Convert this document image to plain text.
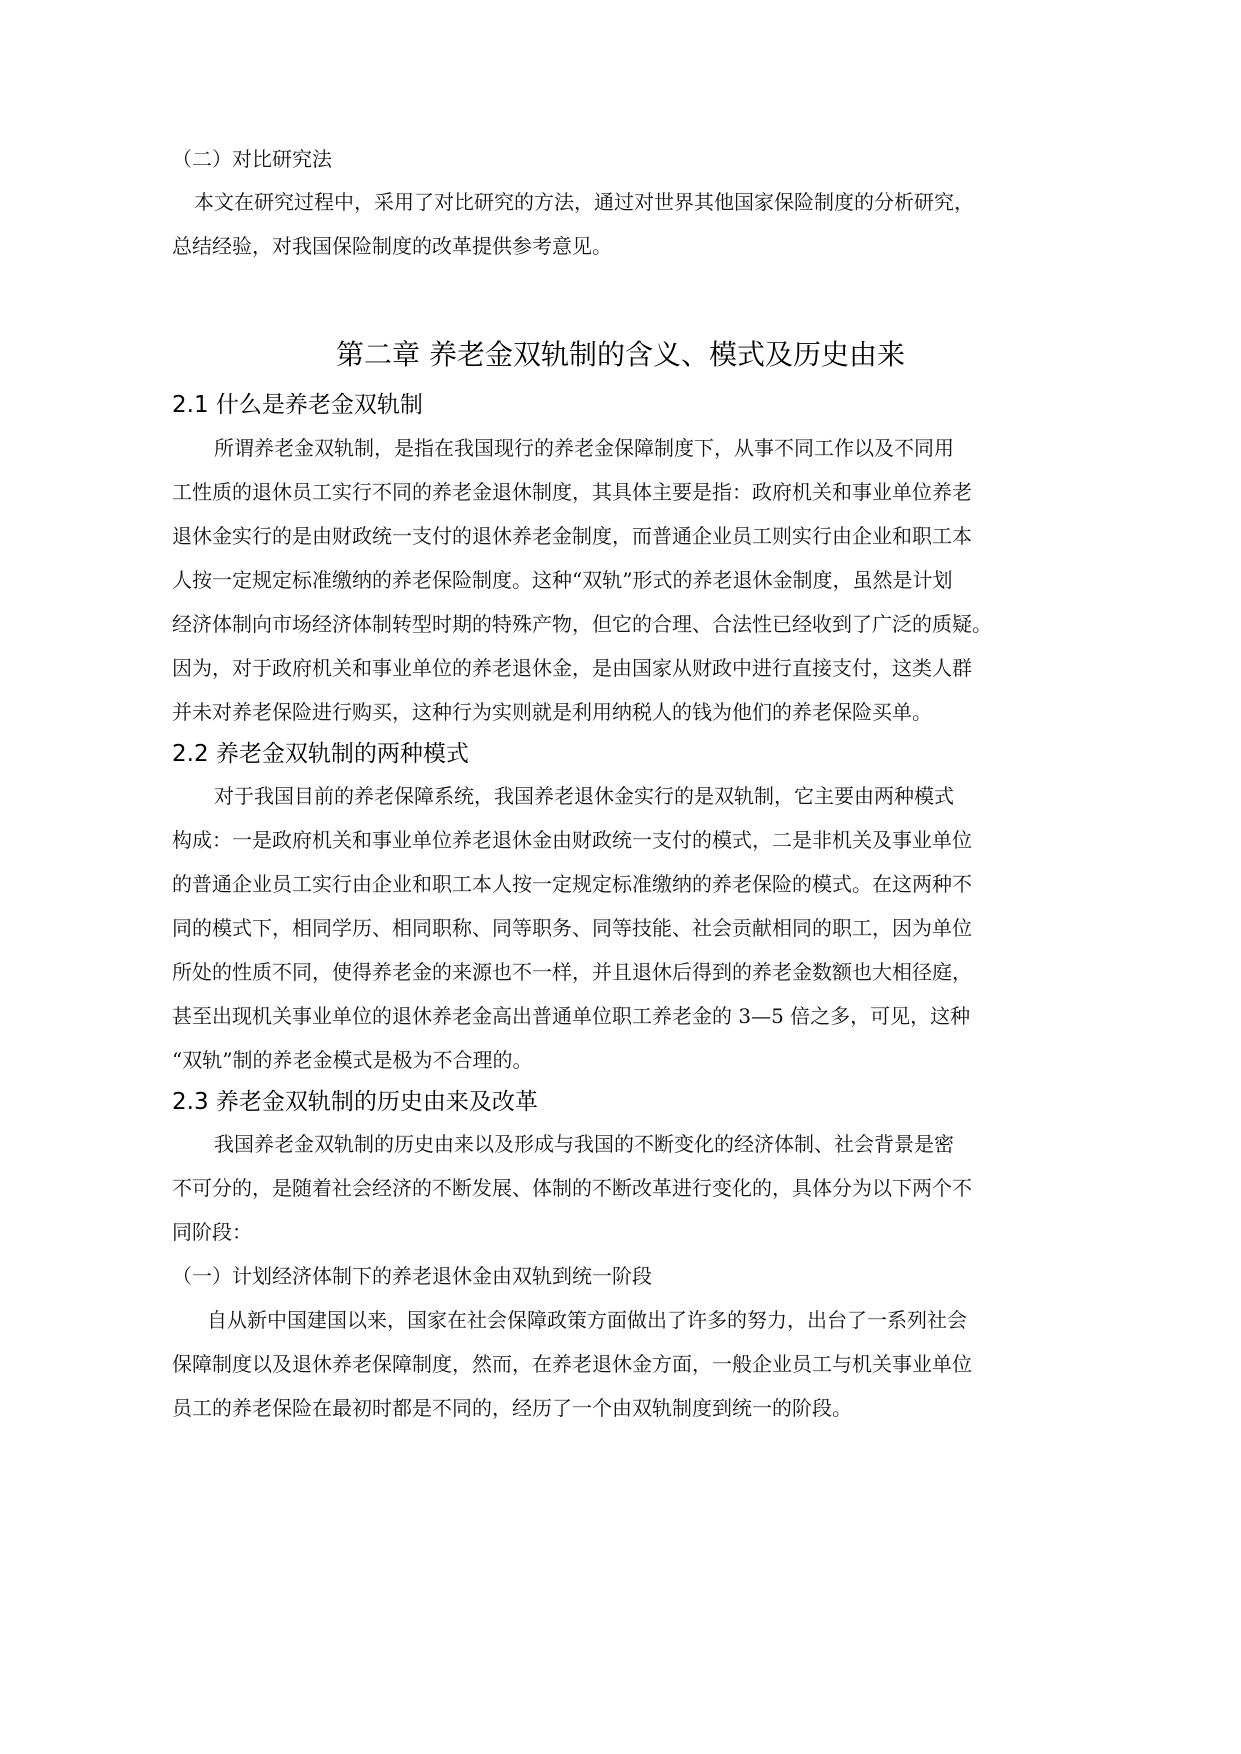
（二）对比研究法
本文在研究过程中，采用了对比研究的方法，通过对世界其他国家保险制度的分析研究，
总结经验，对我国保险制度的改革提供参考意见。
第二章 养老金双轨制的含义、模式及历史由来
2.1 什么是养老金双轨制
所谓养老金双轨制，是指在我国现行的养老金保障制度下，从事不同工作以及不同用
工性质的退休员工实行不同的养老金退休制度，其具体主要是指：政府机关和事业单位养老
退休金实行的是由财政统一支付的退休养老金制度，而普通企业员工则实行由企业和职工本
人按一定规定标准缴纳的养老保险制度。这种“双轨”形式的养老退休金制度，虽然是计划
经济体制向市场经济体制转型时期的特殊产物，但它的合理、合法性已经收到了广泛的质疑。
因为，对于政府机关和事业单位的养老退休金，是由国家从财政中进行直接支付，这类人群
并未对养老保险进行购买，这种行为实则就是利用纳税人的钱为他们的养老保险买单。
2.2 养老金双轨制的两种模式
对于我国目前的养老保障系统，我国养老退休金实行的是双轨制，它主要由两种模式
构成：一是政府机关和事业单位养老退休金由财政统一支付的模式，二是非机关及事业单位
的普通企业员工实行由企业和职工本人按一定规定标准缴纳的养老保险的模式。在这两种不
同的模式下，相同学历、相同职称、同等职务、同等技能、社会贡献相同的职工，因为单位
所处的性质不同，使得养老金的来源也不一样，并且退休后得到的养老金数额也大相径庭，
甚至出现机关事业单位的退休养老金高出普通单位职工养老金的 3—5 倍之多，可见，这种
“双轨”制的养老金模式是极为不合理的。
2.3 养老金双轨制的历史由来及改革
我国养老金双轨制的历史由来以及形成与我国的不断变化的经济体制、社会背景是密
不可分的，是随着社会经济的不断发展、体制的不断改革进行变化的，具体分为以下两个不
同阶段：
（一）计划经济体制下的养老退休金由双轨到统一阶段
自从新中国建国以来，国家在社会保障政策方面做出了许多的努力，出台了一系列社会
保障制度以及退休养老保障制度，然而，在养老退休金方面，一般企业员工与机关事业单位
员工的养老保险在最初时都是不同的，经历了一个由双轨制度到统一的阶段。
